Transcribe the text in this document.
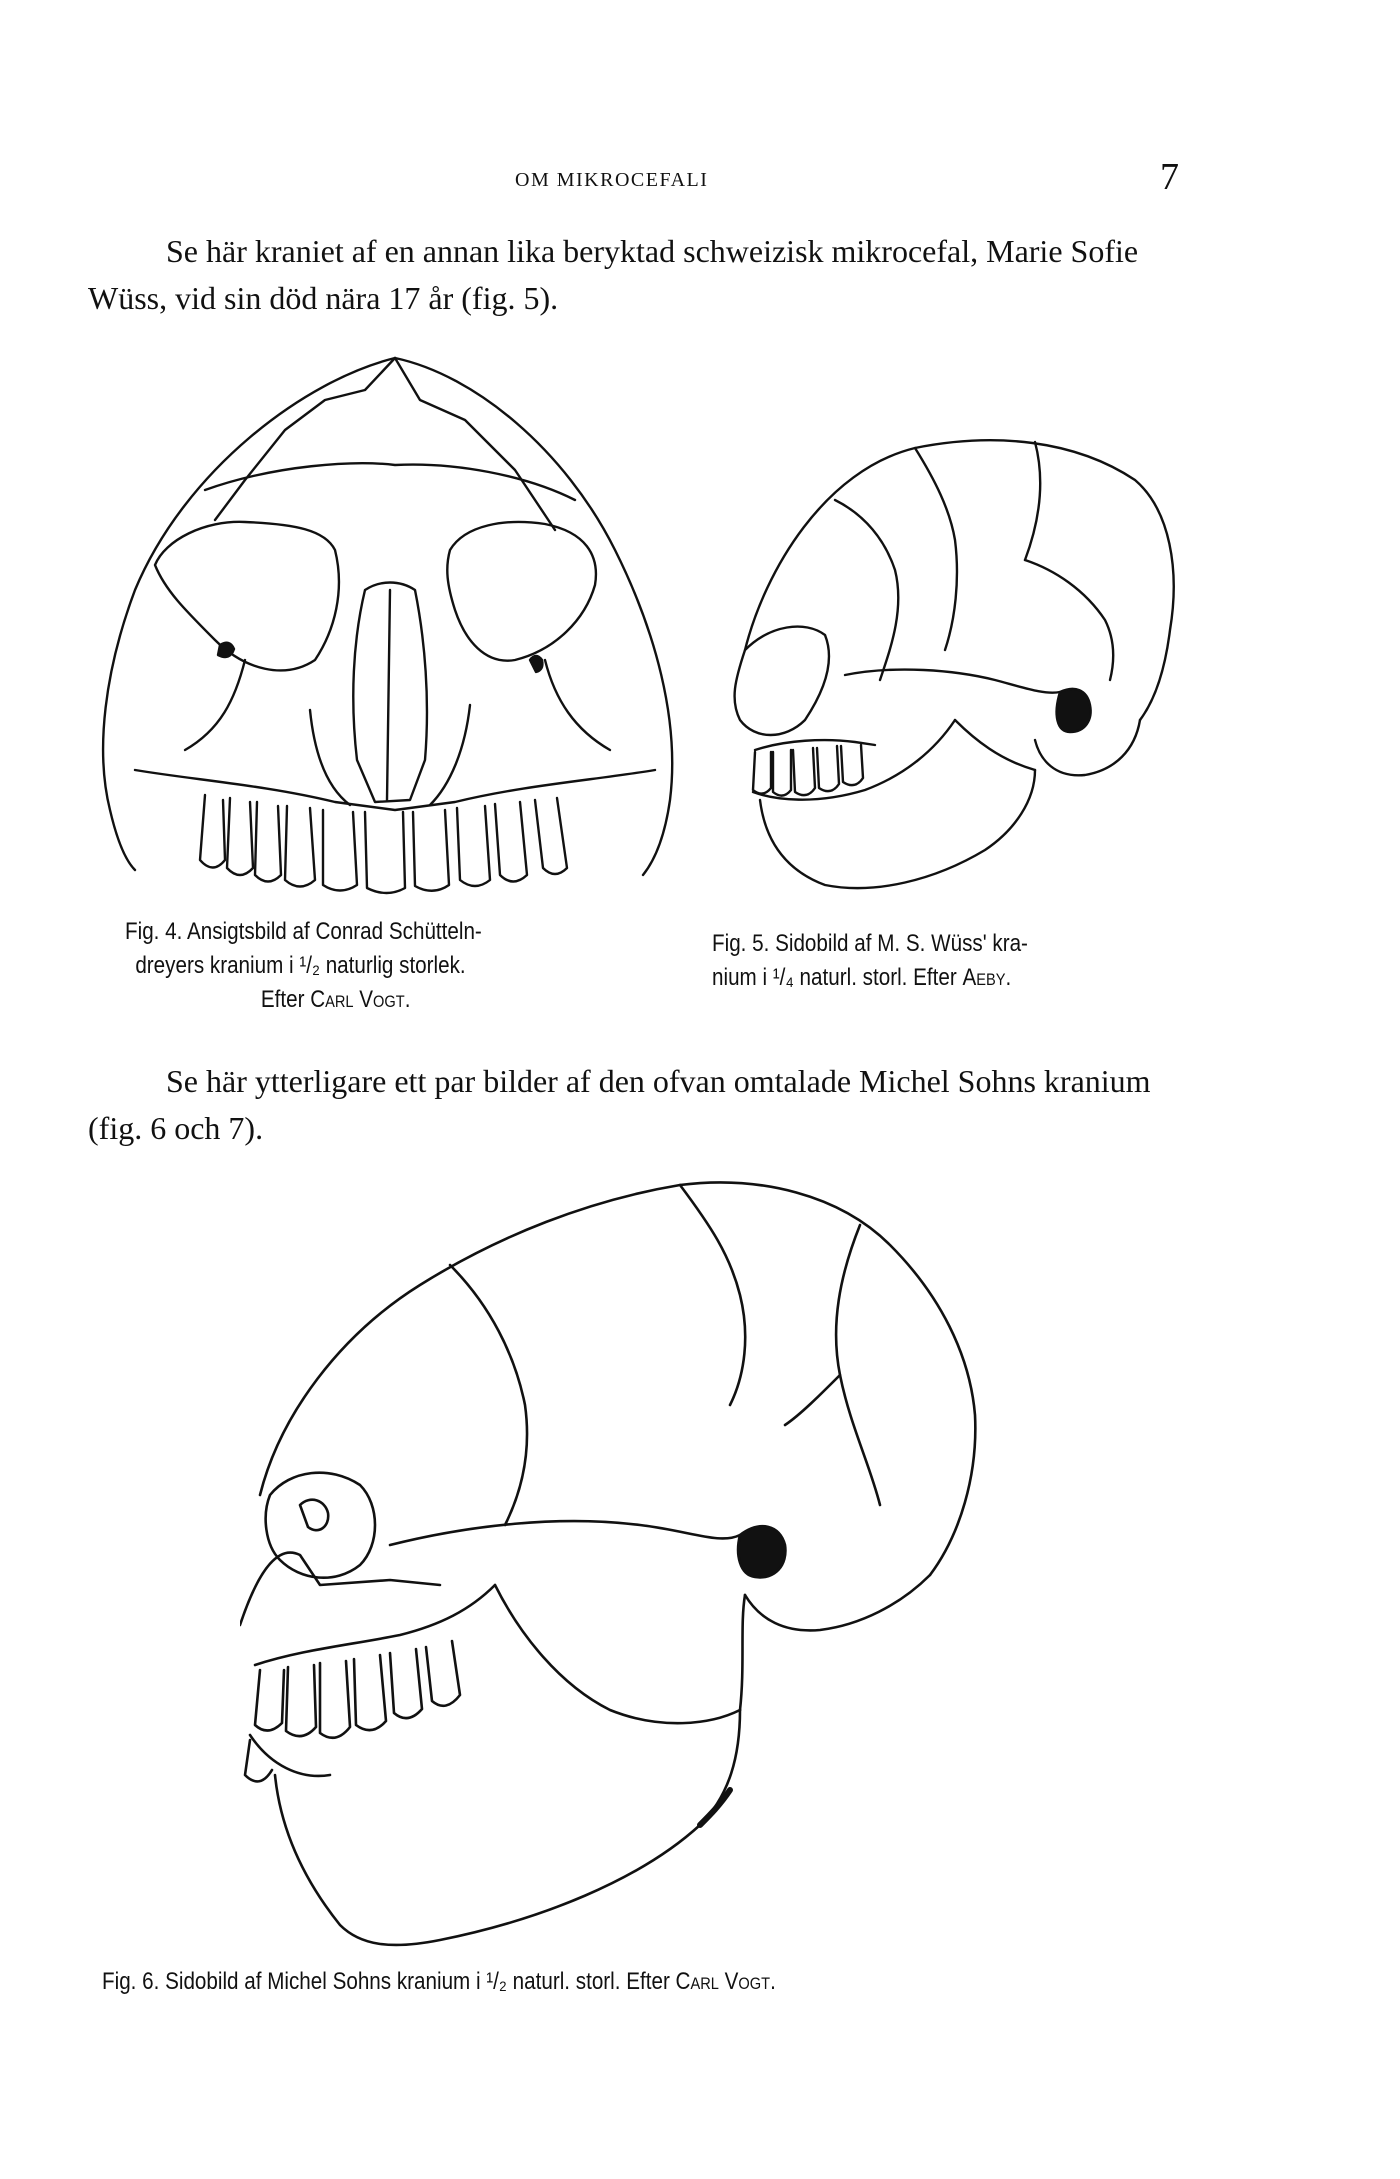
OM MIKROCEFALI	7

Se här kraniet af en annan lika beryktad schweizisk mikrocefal, Marie Sofie Wüss, vid sin död nära 17 år (fig. 5).

Fig. 4. Ansigtsbild af Conrad Schütteln-
dreyers kranium i ¹/₂ naturlig storlek.
Efter Carl Vogt.
Fig. 5. Sidobild af M. S. Wüss' kra-
nium i ¹/₄ naturl. storl. Efter Aeby.

Se här ytterligare ett par bilder af den ofvan omtalade Michel Sohns kranium (fig. 6 och 7).

Fig. 6. Sidobild af Michel Sohns kranium i ¹/₂ naturl. storl. Efter Carl Vogt.
